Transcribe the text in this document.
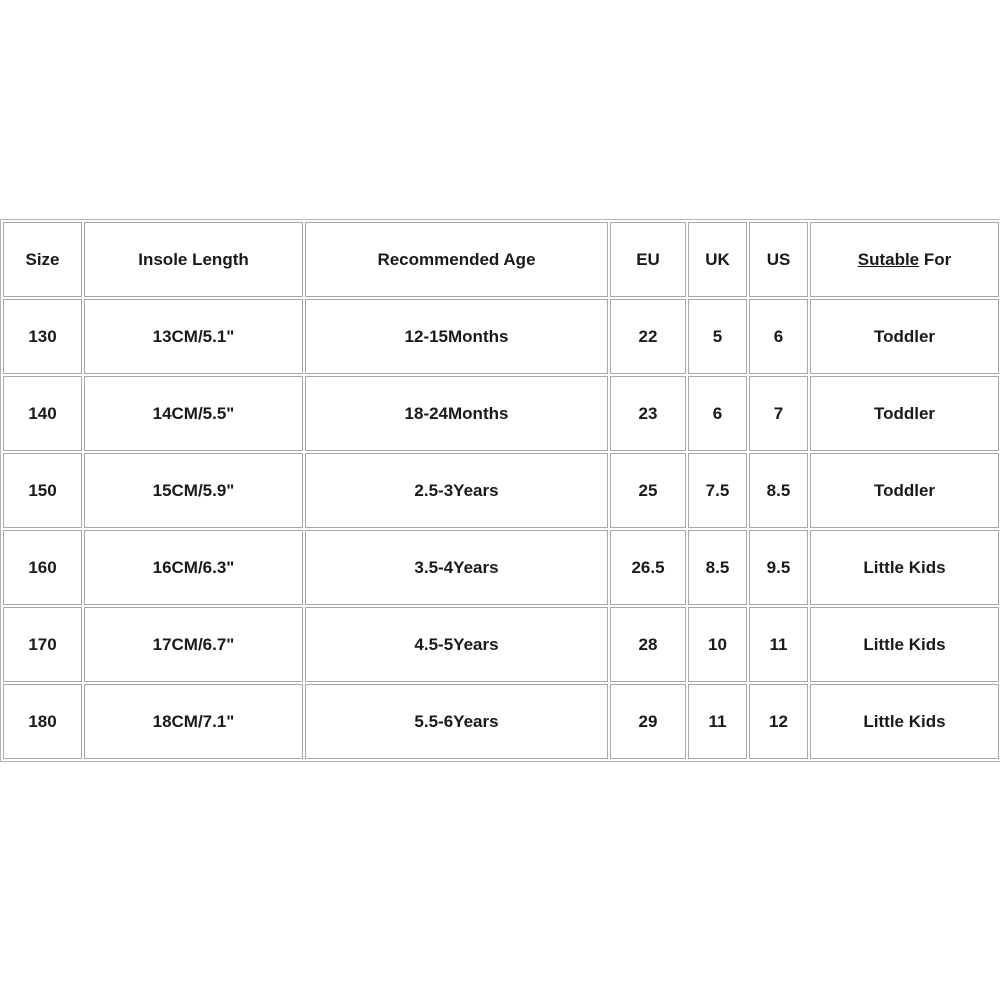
Size	Insole Length	Recommended Age	EU	UK	US	Sutable For
130	13CM/5.1"	12-15Months	22	5	6	Toddler
140	14CM/5.5"	18-24Months	23	6	7	Toddler
150	15CM/5.9"	2.5-3Years	25	7.5	8.5	Toddler
160	16CM/6.3"	3.5-4Years	26.5	8.5	9.5	Little Kids
170	17CM/6.7"	4.5-5Years	28	10	11	Little Kids
180	18CM/7.1"	5.5-6Years	29	11	12	Little Kids
